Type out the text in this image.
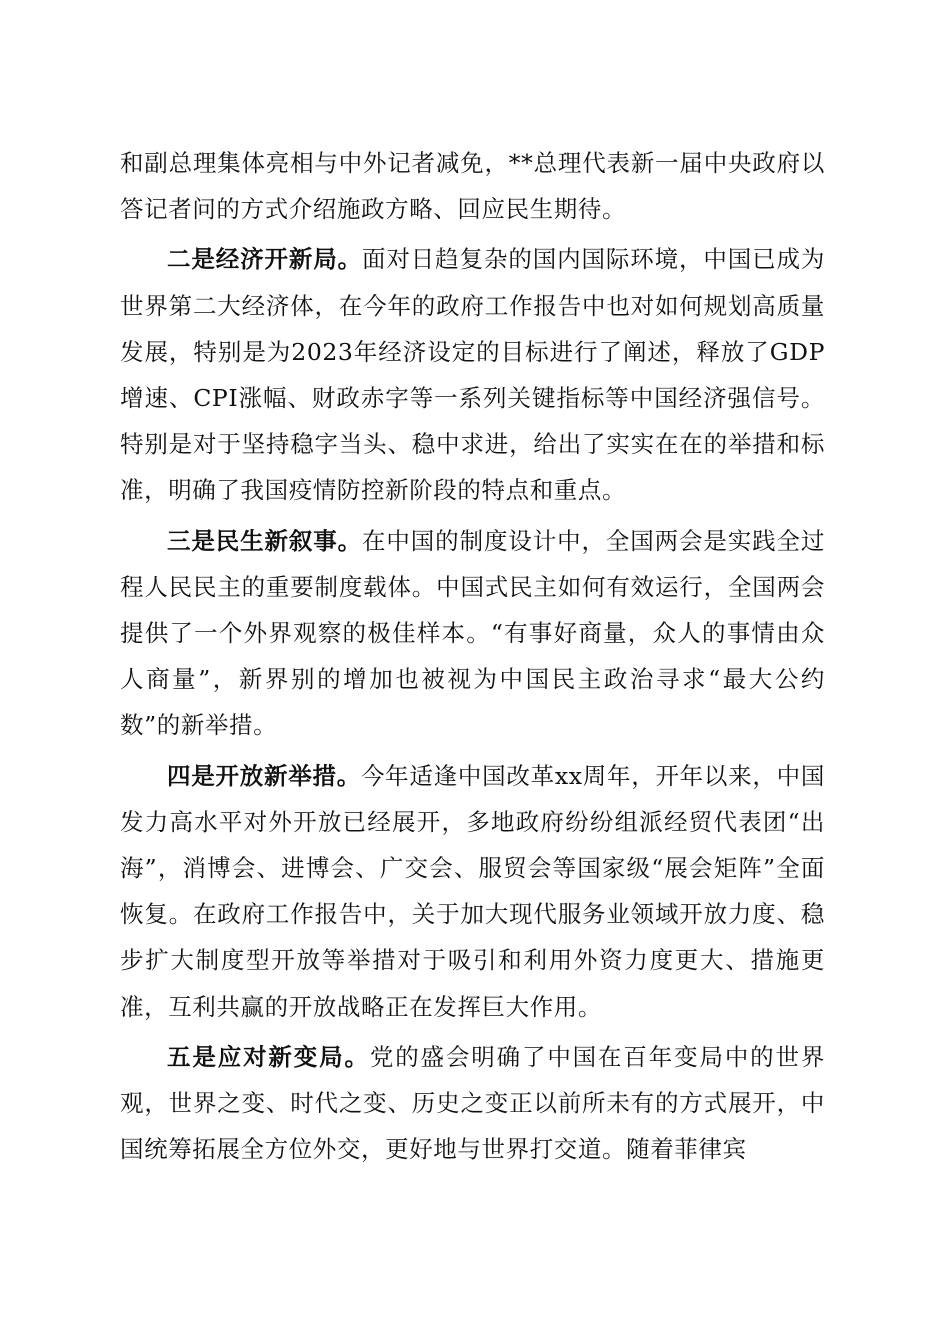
和副总理集体亮相与中外记者减免，**总理代表新一届中央政府以答记者问的方式介绍施政方略、回应民生期待。

二是经济开新局。面对日趋复杂的国内国际环境，中国已成为世界第二大经济体，在今年的政府工作报告中也对如何规划高质量发展，特别是为2023年经济设定的目标进行了阐述，释放了GDP增速、CPI涨幅、财政赤字等一系列关键指标等中国经济强信号。特别是对于坚持稳字当头、稳中求进，给出了实实在在的举措和标准，明确了我国疫情防控新阶段的特点和重点。

三是民生新叙事。在中国的制度设计中，全国两会是实践全过程人民民主的重要制度载体。中国式民主如何有效运行，全国两会提供了一个外界观察的极佳样本。“有事好商量，众人的事情由众人商量”，新界别的增加也被视为中国民主政治寻求“最大公约数”的新举措。

四是开放新举措。今年适逢中国改革xx周年，开年以来，中国发力高水平对外开放已经展开，多地政府纷纷组派经贸代表团“出海”，消博会、进博会、广交会、服贸会等国家级“展会矩阵”全面恢复。在政府工作报告中，关于加大现代服务业领域开放力度、稳步扩大制度型开放等举措对于吸引和利用外资力度更大、措施更准，互利共赢的开放战略正在发挥巨大作用。

五是应对新变局。党的盛会明确了中国在百年变局中的世界观，世界之变、时代之变、历史之变正以前所未有的方式展开，中国统筹拓展全方位外交，更好地与世界打交道。随着菲律宾
